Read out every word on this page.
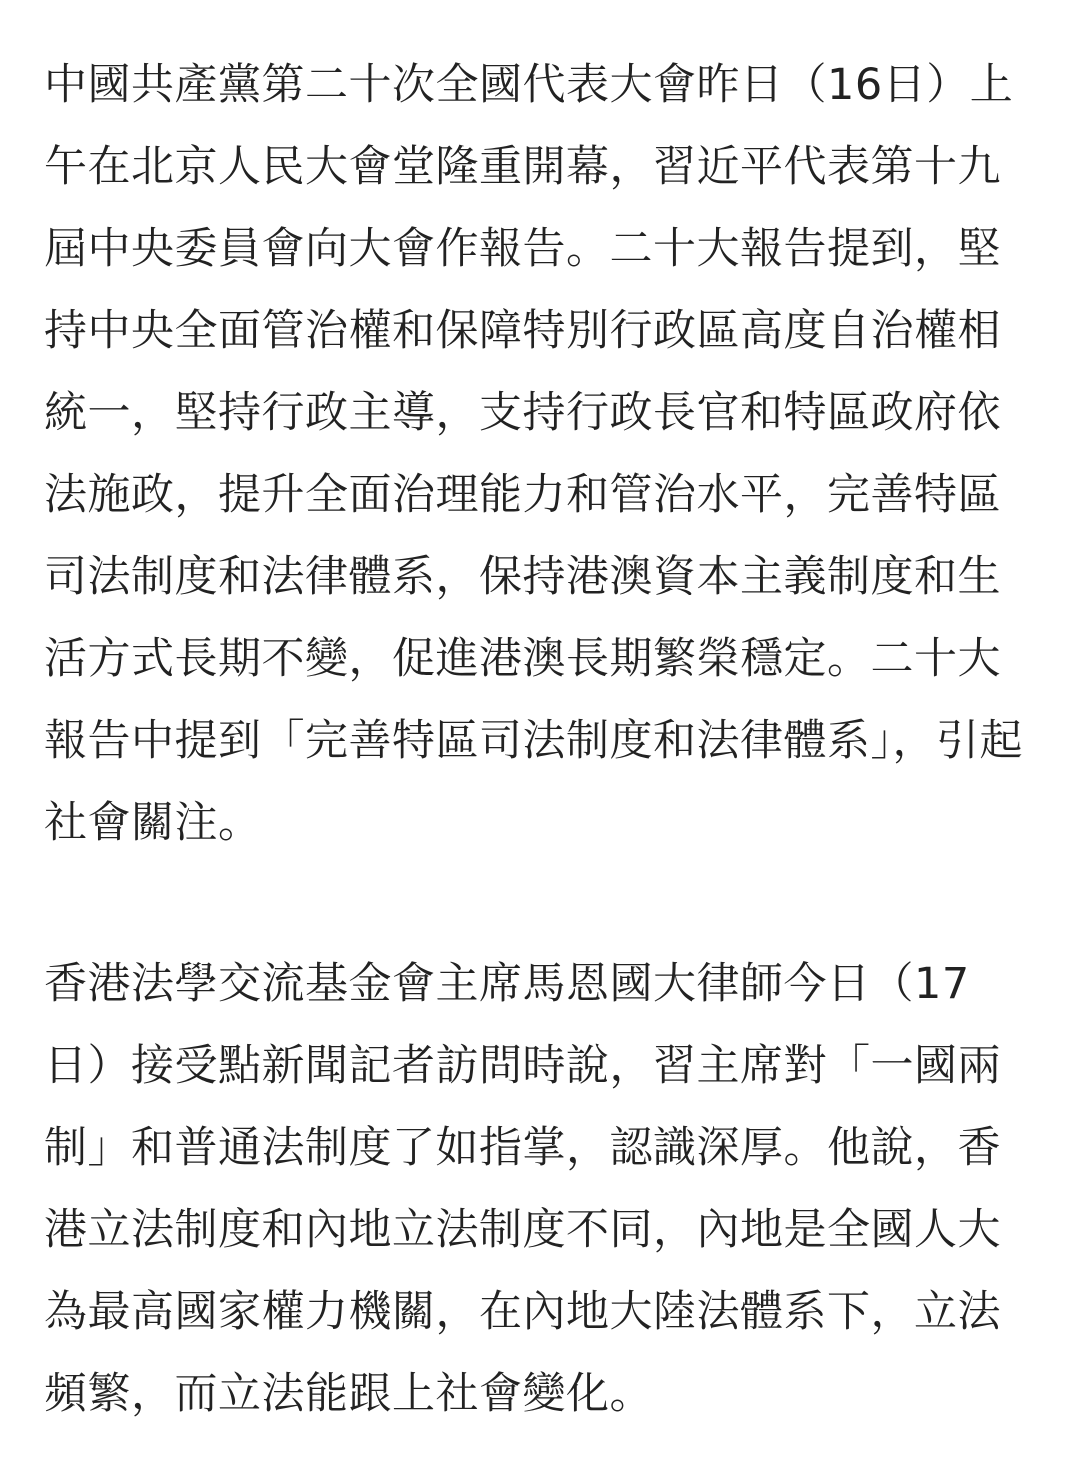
中國共產黨第二十次全國代表大會昨日（16日）上午在北京人民大會堂隆重開幕，習近平代表第十九屆中央委員會向大會作報告。二十大報告提到，堅持中央全面管治權和保障特別行政區高度自治權相統一，堅持行政主導，支持行政長官和特區政府依法施政，提升全面治理能力和管治水平，完善特區司法制度和法律體系，保持港澳資本主義制度和生活方式長期不變，促進港澳長期繁榮穩定。二十大報告中提到「完善特區司法制度和法律體系」，引起社會關注。

香港法學交流基金會主席馬恩國大律師今日（17日）接受點新聞記者訪問時說，習主席對「一國兩制」和普通法制度了如指掌，認識深厚。他說，香港立法制度和內地立法制度不同，內地是全國人大為最高國家權力機關，在內地大陸法體系下，立法頻繁，而立法能跟上社會變化。
